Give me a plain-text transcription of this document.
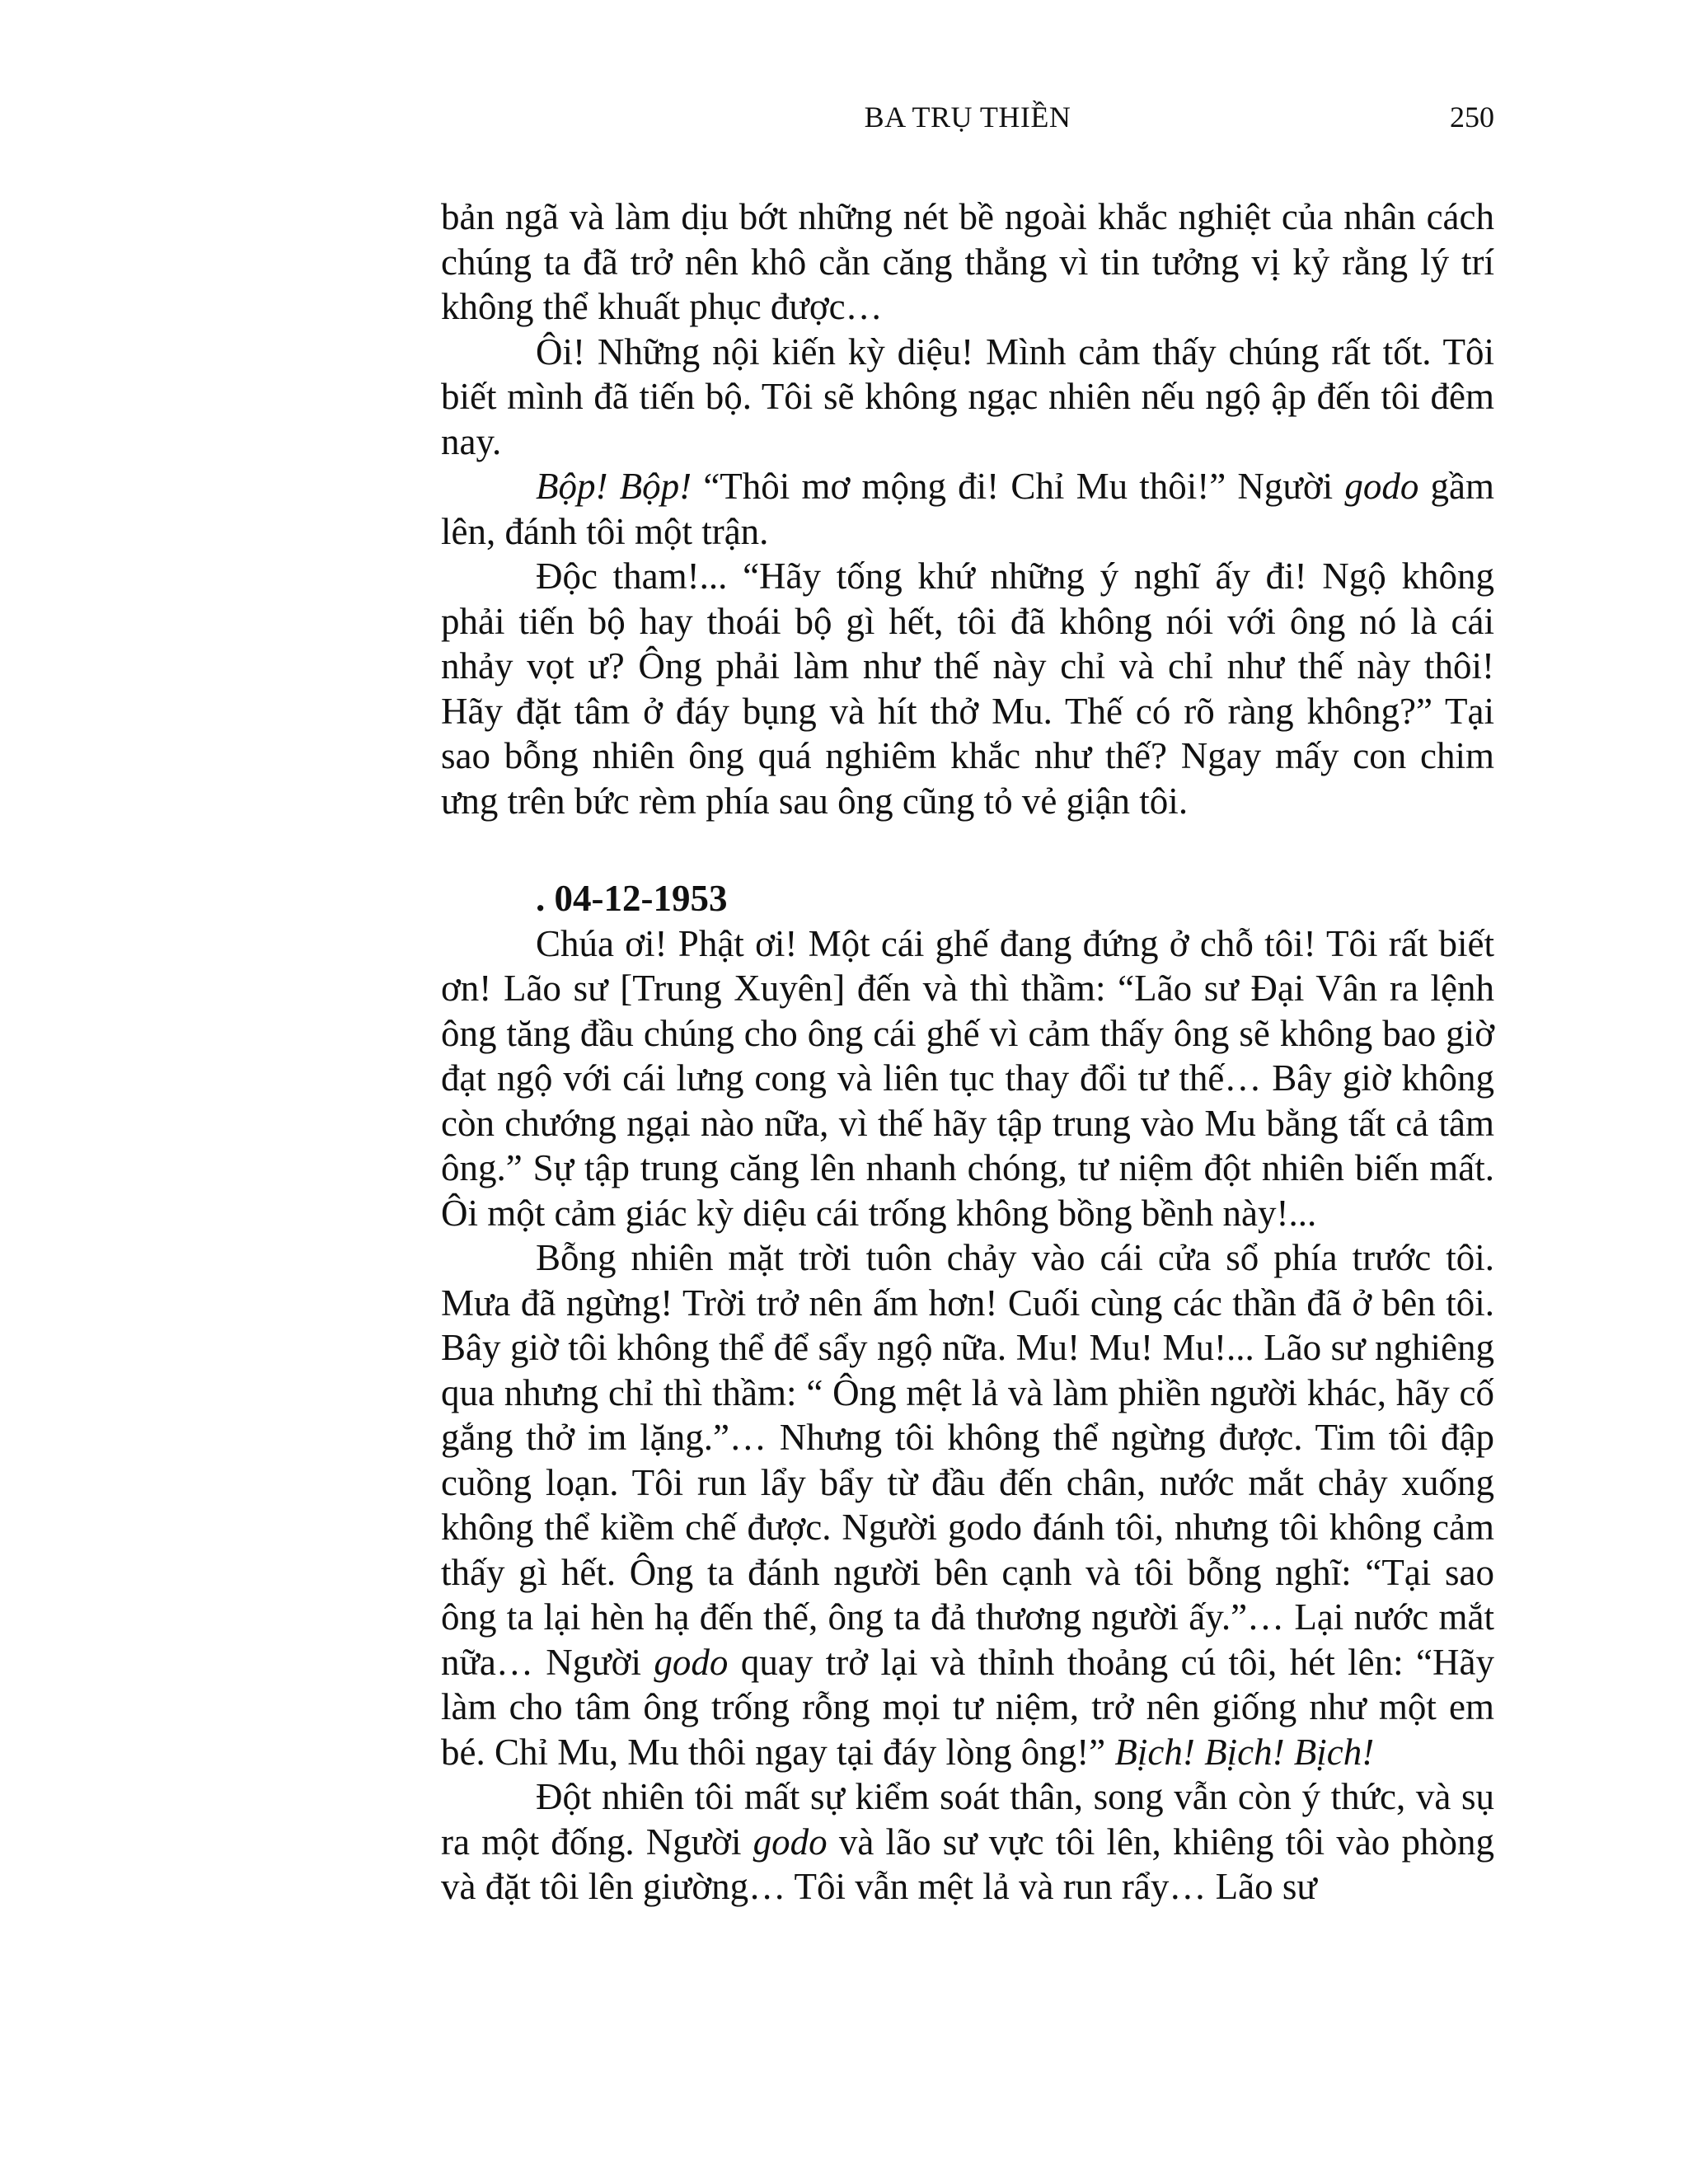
BA TRỤ THIỀN	250

bản ngã và làm dịu bớt những nét bề ngoài khắc nghiệt của nhân cách chúng ta đã trở nên khô cằn căng thẳng vì tin tưởng vị kỷ rằng lý trí không thể khuất phục được…

Ôi! Những nội kiến kỳ diệu! Mình cảm thấy chúng rất tốt. Tôi biết mình đã tiến bộ. Tôi sẽ không ngạc nhiên nếu ngộ ập đến tôi đêm nay.

Bộp! Bộp! “Thôi mơ mộng đi! Chỉ Mu thôi!” Người godo gầm lên, đánh tôi một trận.

Độc tham!... “Hãy tống khứ những ý nghĩ ấy đi! Ngộ không phải tiến bộ hay thoái bộ gì hết, tôi đã không nói với ông nó là cái nhảy vọt ư? Ông phải làm như thế này chỉ và chỉ như thế này thôi! Hãy đặt tâm ở đáy bụng và hít thở Mu. Thế có rõ ràng không?” Tại sao bỗng nhiên ông quá nghiêm khắc như thế? Ngay mấy con chim ưng trên bức rèm phía sau ông cũng tỏ vẻ giận tôi.

. 04-12-1953

Chúa ơi! Phật ơi! Một cái ghế đang đứng ở chỗ tôi! Tôi rất biết ơn! Lão sư [Trung Xuyên] đến và thì thầm: “Lão sư Đại Vân ra lệnh ông tăng đầu chúng cho ông cái ghế vì cảm thấy ông sẽ không bao giờ đạt ngộ với cái lưng cong và liên tục thay đổi tư thế… Bây giờ không còn chướng ngại nào nữa, vì thế hãy tập trung vào Mu bằng tất cả tâm ông.” Sự tập trung căng lên nhanh chóng, tư niệm đột nhiên biến mất. Ôi một cảm giác kỳ diệu cái trống không bồng bềnh này!...

Bỗng nhiên mặt trời tuôn chảy vào cái cửa sổ phía trước tôi. Mưa đã ngừng! Trời trở nên ấm hơn! Cuối cùng các thần đã ở bên tôi. Bây giờ tôi không thể để sẩy ngộ nữa. Mu! Mu! Mu!... Lão sư nghiêng qua nhưng chỉ thì thầm: “ Ông mệt lả và làm phiền người khác, hãy cố gắng thở im lặng.”… Nhưng tôi không thể ngừng được. Tim tôi đập cuồng loạn. Tôi run lẩy bẩy từ đầu đến chân, nước mắt chảy xuống không thể kiềm chế được. Người godo đánh tôi, nhưng tôi không cảm thấy gì hết. Ông ta đánh người bên cạnh và tôi bỗng nghĩ: “Tại sao ông ta lại hèn hạ đến thế, ông ta đả thương người ấy.”… Lại nước mắt nữa… Người godo quay trở lại và thỉnh thoảng cú tôi, hét lên: “Hãy làm cho tâm ông trống rỗng mọi tư niệm, trở nên giống như một em bé. Chỉ Mu, Mu thôi ngay tại đáy lòng ông!” Bịch! Bịch! Bịch!

Đột nhiên tôi mất sự kiểm soát thân, song vẫn còn ý thức, và sụ ra một đống. Người godo và lão sư vực tôi lên, khiêng tôi vào phòng và đặt tôi lên giường… Tôi vẫn mệt lả và run rẩy… Lão sư
